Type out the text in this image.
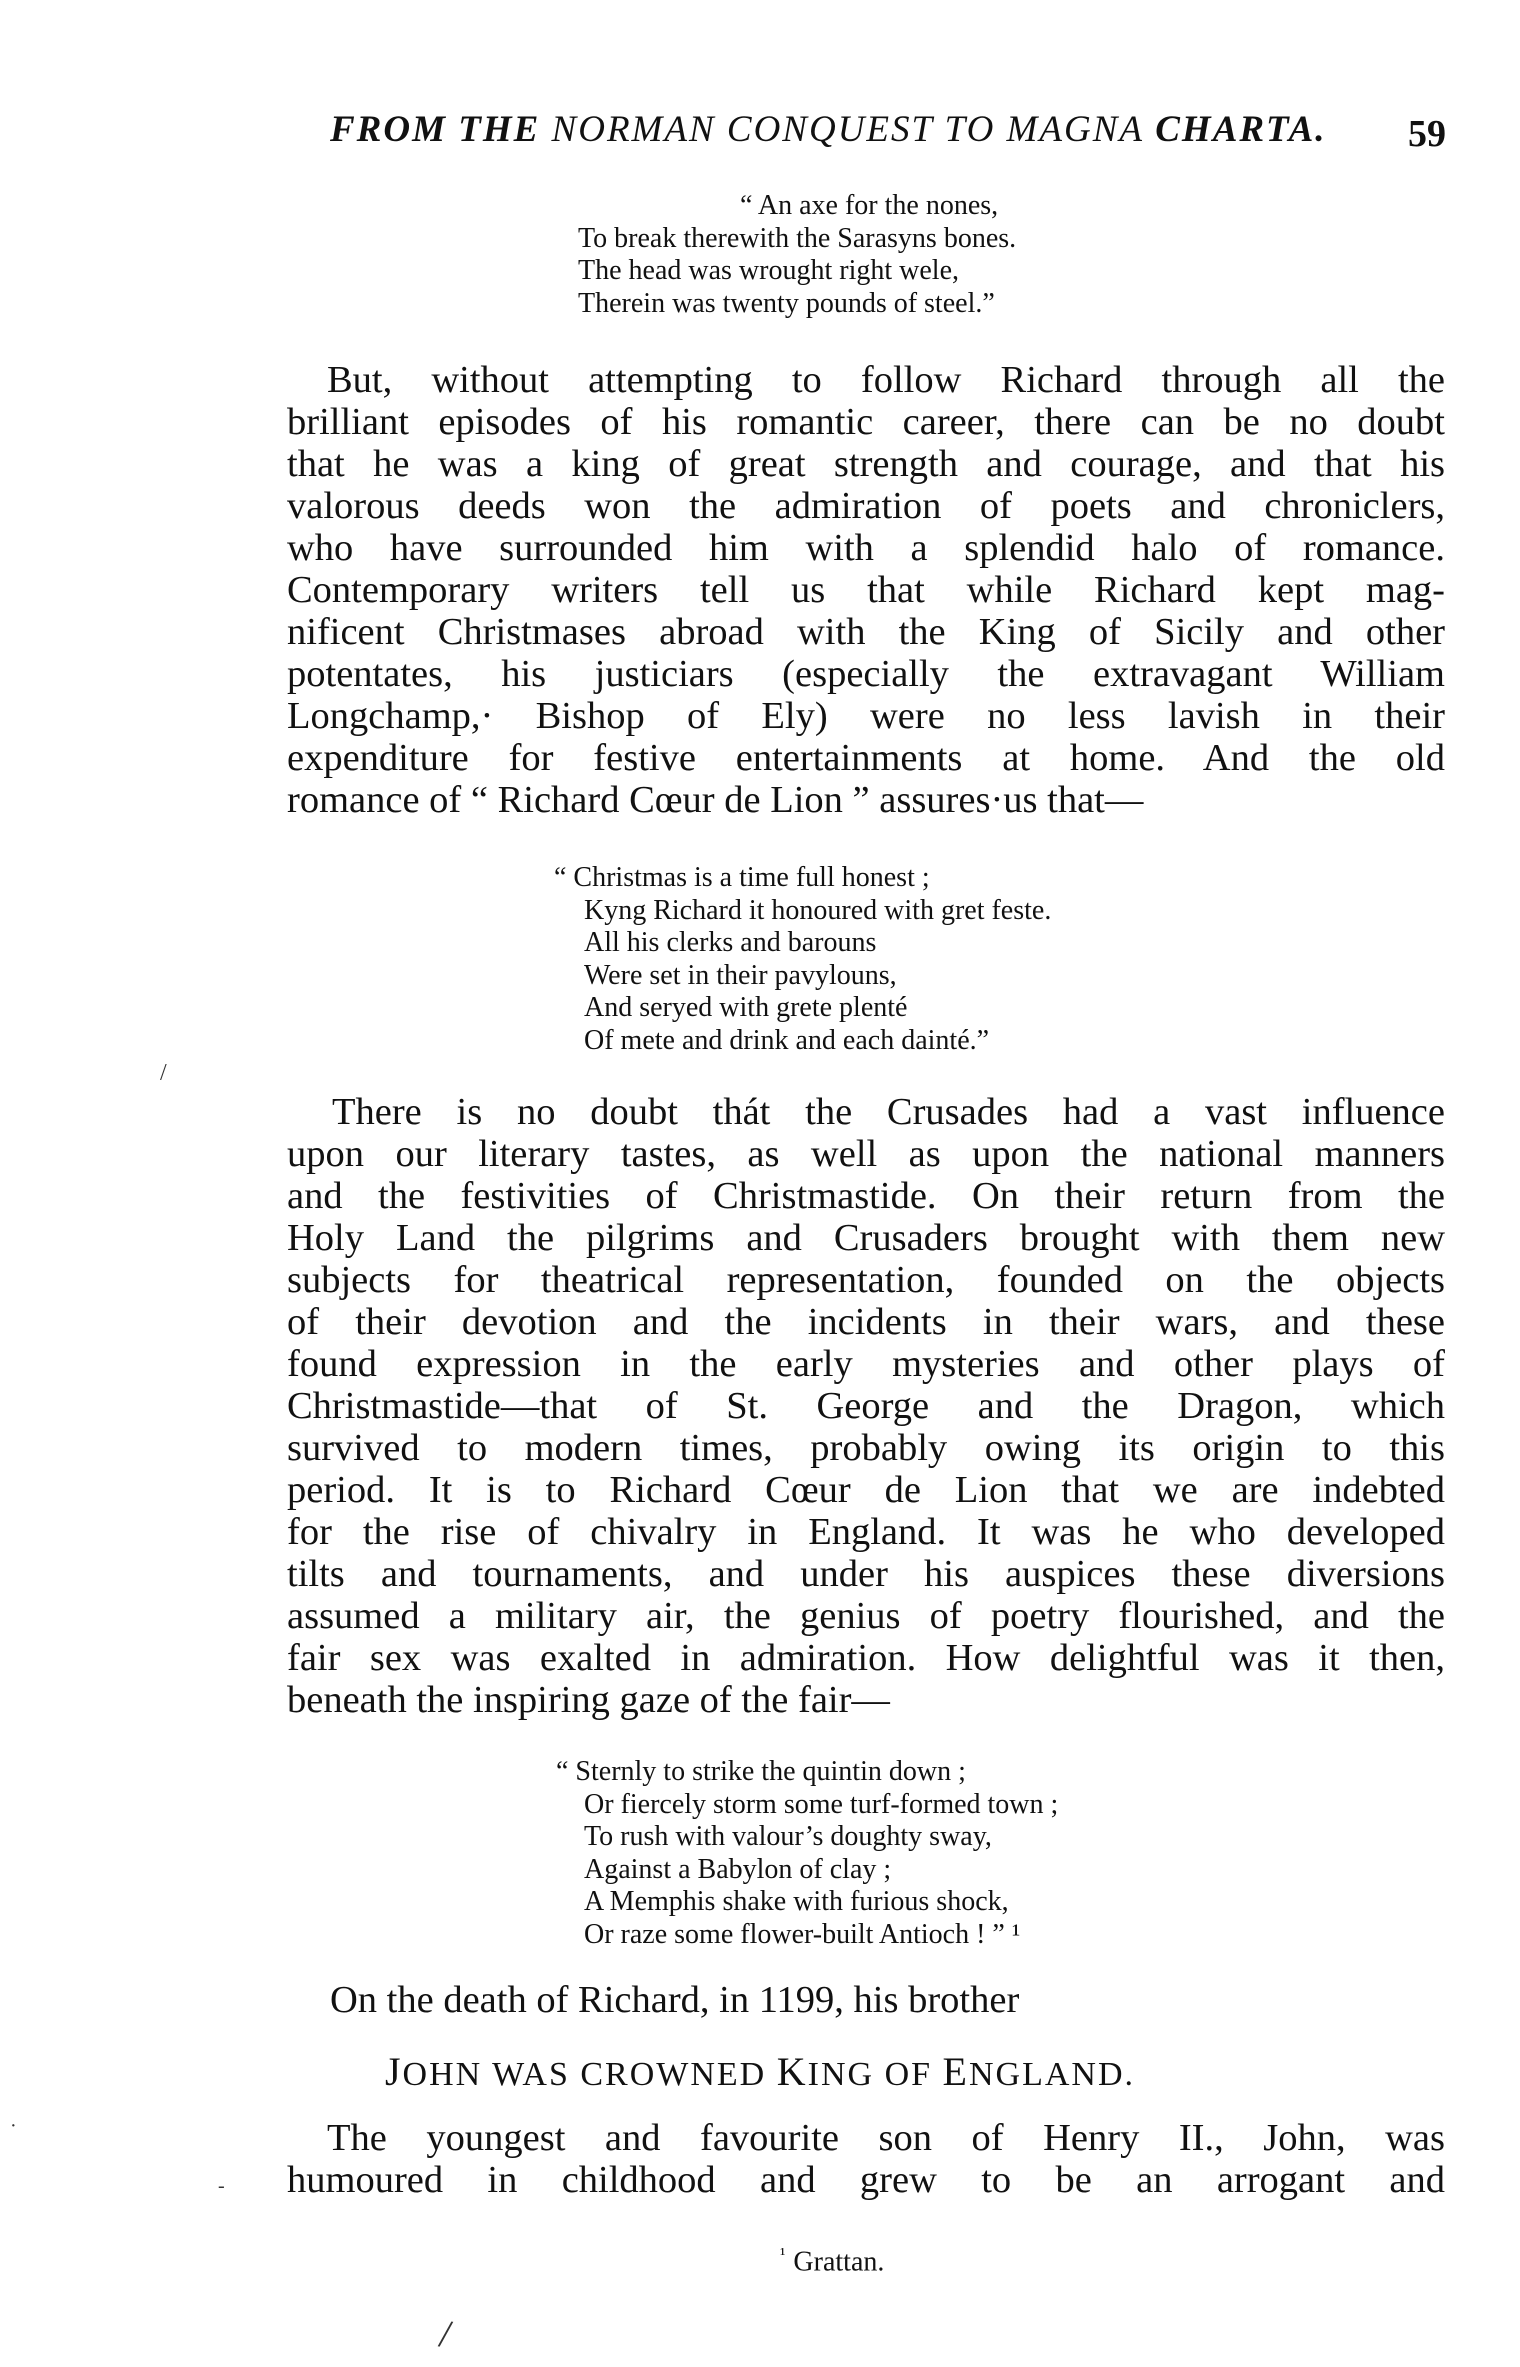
FROM THE NORMAN CONQUEST TO MAGNA CHARTA.	59
“ An axe for the nones,
To break therewith the Sarasyns bones.
The head was wrought right wele,
Therein was twenty pounds of steel.”
But, without attempting to follow Richard through all the
brilliant episodes of his romantic career, there can be no doubt
that he was a king of great strength and courage, and that his
valorous deeds won the admiration of poets and chroniclers,
who have surrounded him with a splendid halo of romance.
Contemporary writers tell us that while Richard kept mag-
nificent Christmases abroad with the King of Sicily and other
potentates, his justiciars (especially the extravagant William
Longchamp,· Bishop of Ely) were no less lavish in their
expenditure for festive entertainments at home. And the old
romance of “ Richard Cœur de Lion ” assures·us that—
“ Christmas is a time full honest ;
Kyng Richard it honoured with gret feste.
All his clerks and barouns
Were set in their pavylouns,
And seryed with grete plenté
Of mete and drink and each dainté.”
There is no doubt thát the Crusades had a vast influence
upon our literary tastes, as well as upon the national manners
and the festivities of Christmastide. On their return from the
Holy Land the pilgrims and Crusaders brought with them new
subjects for theatrical representation, founded on the objects
of their devotion and the incidents in their wars, and these
found expression in the early mysteries and other plays of
Christmastide—that of St. George and the Dragon, which
survived to modern times, probably owing its origin to this
period. It is to Richard Cœur de Lion that we are indebted
for the rise of chivalry in England. It was he who developed
tilts and tournaments, and under his auspices these diversions
assumed a military air, the genius of poetry flourished, and the
fair sex was exalted in admiration. How delightful was it then,
beneath the inspiring gaze of the fair—
“ Sternly to strike the quintin down ;
Or fiercely storm some turf-formed town ;
To rush with valour’s doughty sway,
Against a Babylon of clay ;
A Memphis shake with furious shock,
Or raze some flower-built Antioch ! ” ¹
On the death of Richard, in 1199, his brother
JOHN WAS CROWNED KING OF ENGLAND.
The youngest and favourite son of Henry II., John, was
humoured in childhood and grew to be an arrogant and
$^{^1}$ Grattan.
/
·
-
/
